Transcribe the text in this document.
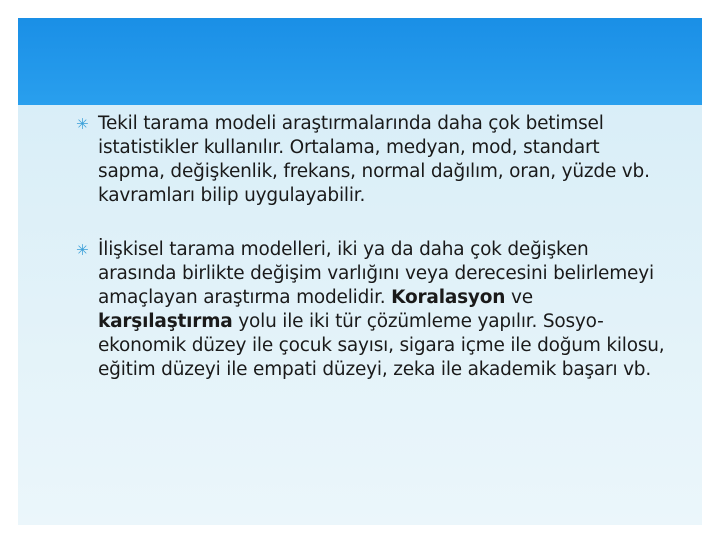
✳ Tekil tarama modeli araştırmalarında daha çok betimsel istatistikler kullanılır. Ortalama, medyan, mod, standart sapma, değişkenlik, frekans, normal dağılım, oran, yüzde vb. kavramları bilip uygulayabilir.
✳ İlişkisel tarama modelleri, iki ya da daha çok değişken arasında birlikte değişim varlığını veya derecesini belirlemeyi amaçlayan araştırma modelidir. Koralasyon ve karşılaştırma yolu ile iki tür çözümleme yapılır. Sosyo-ekonomik düzey ile çocuk sayısı, sigara içme ile doğum kilosu, eğitim düzeyi ile empati düzeyi, zeka ile akademik başarı vb.
